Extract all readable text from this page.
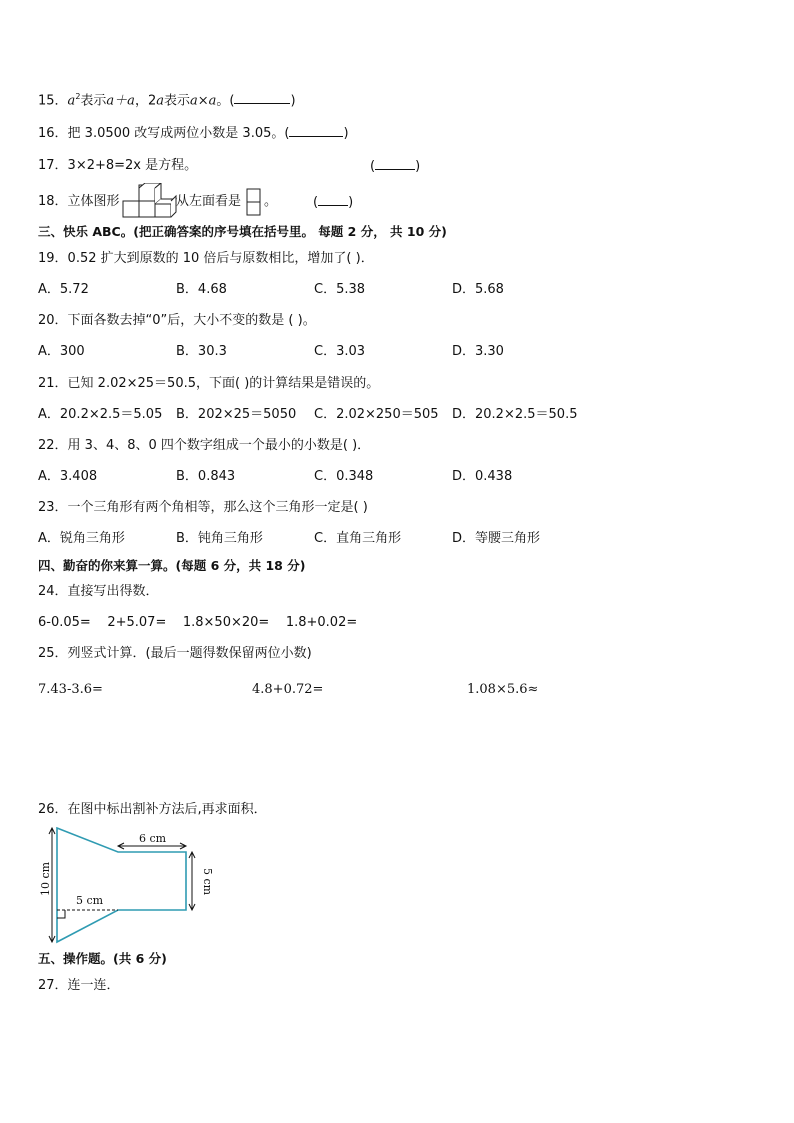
15．$a^2$表示a＋a，2a表示a×a。(	)
16．把 3.0500 改写成两位小数是 3.05。(	)
17．3×2+8=2x 是方程。	(	)
18．立体图形	从左面看是 。	( )
三、快乐 ABC。(把正确答案的序号填在括号里。 每题 2 分， 共 10 分)
19．0.52 扩大到原数的 10 倍后与原数相比，增加了( )．
A．5.72	B．4.68	C．5.38	D．5.68
20．下面各数去掉“0”后，大小不变的数是 ( )。
A．300	B．30.3	C．3.03	D．3.30
21．已知 2.02×25＝50.5，下面( )的计算结果是错误的。
A．20.2×2.5＝5.05 B．202×25＝5050 C．2.02×250＝505 D．20.2×2.5＝50.5
22．用 3、4、8、0 四个数字组成一个最小的小数是( )．
A．3.408	B．0.843	C．0.348	D．0.438
23．一个三角形有两个角相等，那么这个三角形一定是( )
A．锐角三角形	B．钝角三角形	C．直角三角形	D．等腰三角形
四、勤奋的你来算一算。(每题 6 分，共 18 分)
24．直接写出得数．
6-0.05=    2+5.07=    1.8×50×20=    1.8+0.02=
25．列竖式计算．(最后一题得数保留两位小数)
7.43-3.6=	4.8+0.72=	1.08×5.6≈
26．在图中标出割补方法后,再求面积．
6 cm
5 cm
5 cm
10 cm
五、操作题。(共 6 分)
27．连一连．
